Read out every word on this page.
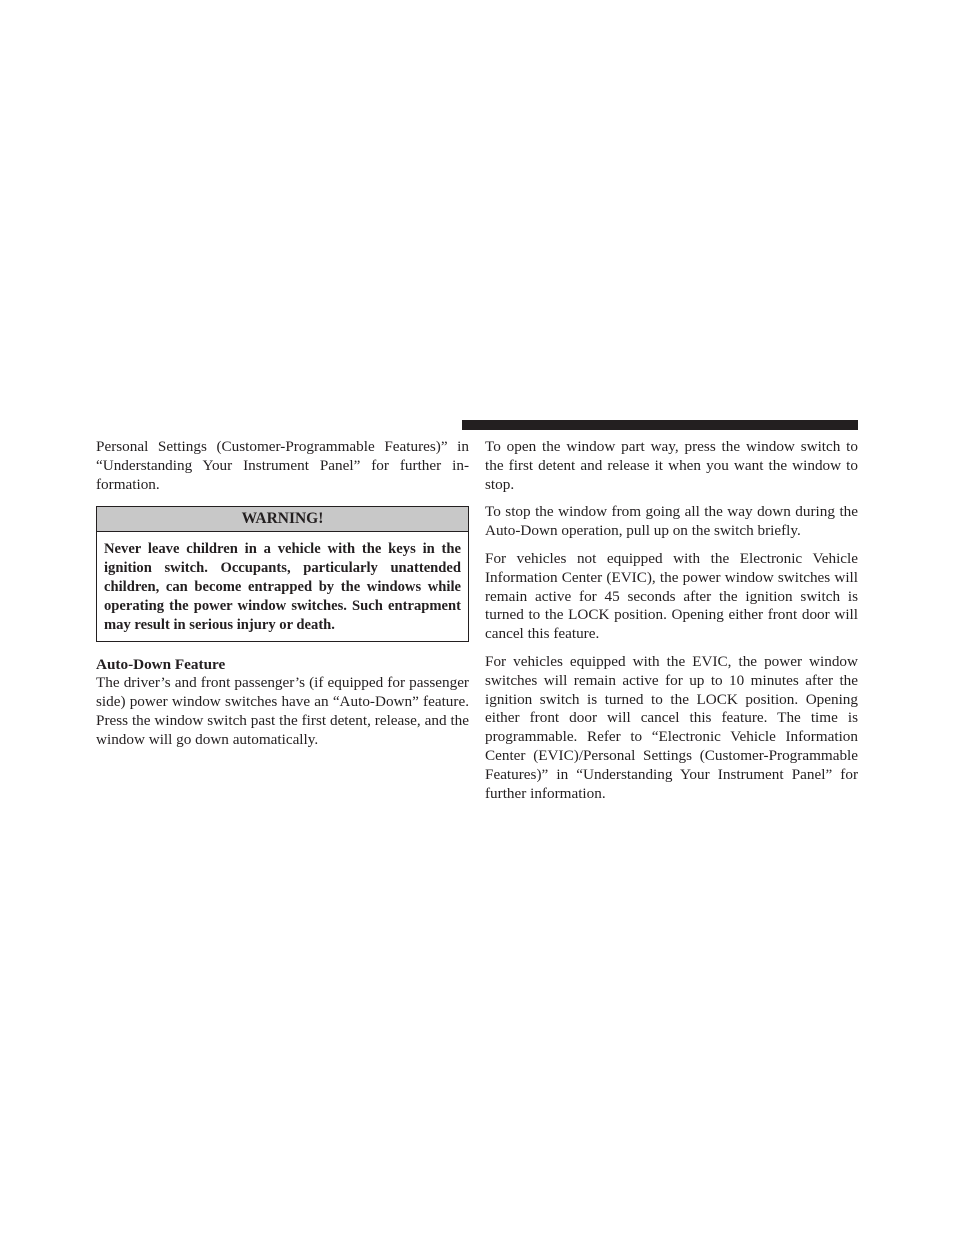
Personal Settings (Customer-Programmable Features)” in “Understanding Your Instrument Panel” for further information.

WARNING!
Never leave children in a vehicle with the keys in the ignition switch. Occupants, particularly unattended children, can become entrapped by the windows while operating the power window switches. Such entrapment may result in serious injury or death.
Auto-Down Feature

The driver’s and front passenger’s (if equipped for passenger side) power window switches have an “Auto-Down” feature. Press the window switch past the first detent, release, and the window will go down automatically.

To open the window part way, press the window switch to the first detent and release it when you want the window to stop.

To stop the window from going all the way down during the Auto-Down operation, pull up on the switch briefly.

For vehicles not equipped with the Electronic Vehicle Information Center (EVIC), the power window switches will remain active for 45 seconds after the ignition switch is turned to the LOCK position. Opening either front door will cancel this feature.

For vehicles equipped with the EVIC, the power window switches will remain active for up to 10 minutes after the ignition switch is turned to the LOCK position. Opening either front door will cancel this feature. The time is programmable. Refer to “Electronic Vehicle Information Center (EVIC)/Personal Settings (Customer-Programmable Features)” in “Understanding Your Instrument Panel” for further information.
